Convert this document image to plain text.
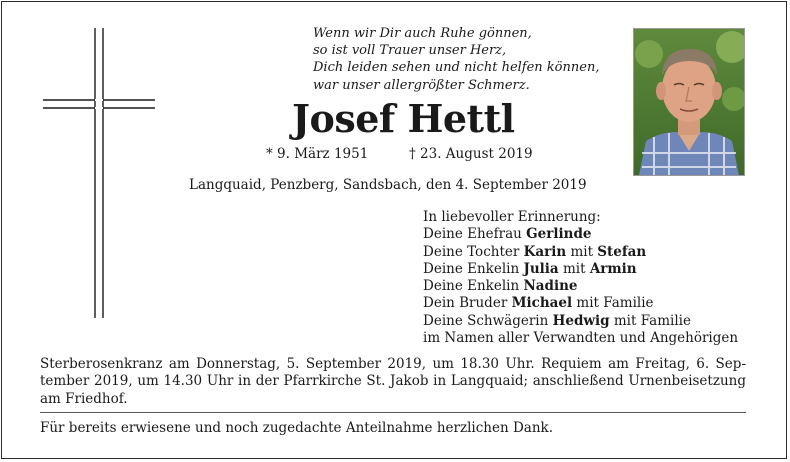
Wenn wir Dir auch Ruhe gönnen,
so ist voll Trauer unser Herz,
Dich leiden sehen und nicht helfen können,
war unser allergrößter Schmerz.
Josef Hettl
* 9. März 1951	† 23. August 2019
Langquaid, Penzberg, Sandsbach, den 4. September 2019
In liebevoller Erinnerung:
Deine Ehefrau Gerlinde
Deine Tochter Karin mit Stefan
Deine Enkelin Julia mit Armin
Deine Enkelin Nadine
Dein Bruder Michael mit Familie
Deine Schwägerin Hedwig mit Familie
im Namen aller Verwandten und Angehörigen
Sterberosenkranz am Donnerstag, 5. September 2019, um 18.30 Uhr. Requiem am Freitag, 6. September 2019, um 14.30 Uhr in der Pfarrkirche St. Jakob in Langquaid; anschließend Urnenbeisetzung am Friedhof.
Für bereits erwiesene und noch zugedachte Anteilnahme herzlichen Dank.
